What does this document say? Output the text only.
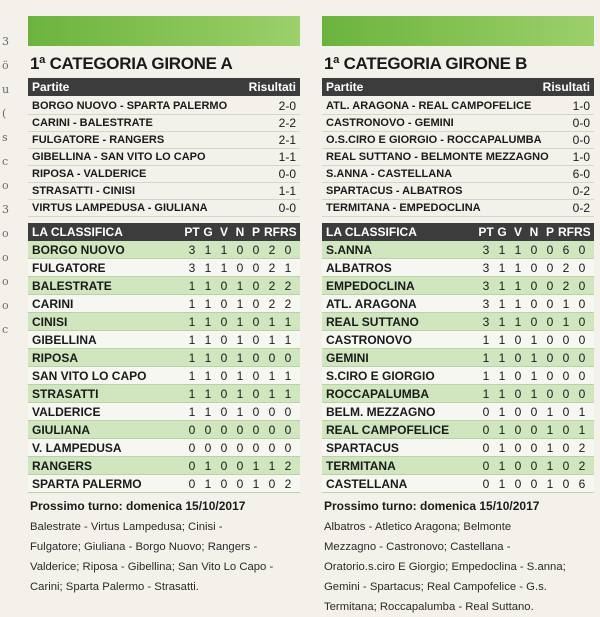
3
ö
u
(
s
c
o
3
o
o
o
o
c
1ª CATEGORIA GIRONE A
Partite	Risultati
BORGO NUOVO - SPARTA PALERMO	2-0
CARINI - BALESTRATE	2-2
FULGATORE - RANGERS	2-1
GIBELLINA - SAN VITO LO CAPO	1-1
RIPOSA - VALDERICE	0-0
STRASATTI - CINISI	1-1
VIRTUS LAMPEDUSA - GIULIANA	0-0
LA CLASSIFICA	PT G V N P RF RS
BORGO NUOVO	3 1 1 0 0 2 0
FULGATORE	3 1 1 0 0 2 1
BALESTRATE	1 1 0 1 0 2 2
CARINI	1 1 0 1 0 2 2
CINISI	1 1 0 1 0 1 1
GIBELLINA	1 1 0 1 0 1 1
RIPOSA	1 1 0 1 0 0 0
SAN VITO LO CAPO	1 1 0 1 0 1 1
STRASATTI	1 1 0 1 0 1 1
VALDERICE	1 1 0 1 0 0 0
GIULIANA	0 0 0 0 0 0 0
V. LAMPEDUSA	0 0 0 0 0 0 0
RANGERS	0 1 0 0 1 1 2
SPARTA PALERMO	0 1 0 0 1 0 2
Prossimo turno: domenica 15/10/2017
Balestrate - Virtus Lampedusa; Cinisi -
Fulgatore; Giuliana - Borgo Nuovo; Rangers -
Valderice; Riposa - Gibellina; San Vito Lo Capo -
Carini; Sparta Palermo - Strasatti.
1ª CATEGORIA GIRONE B
Partite	Risultati
ATL. ARAGONA - REAL CAMPOFELICE	1-0
CASTRONOVO - GEMINI	0-0
O.S.CIRO E GIORGIO - ROCCAPALUMBA	0-0
REAL SUTTANO - BELMONTE MEZZAGNO	1-0
S.ANNA - CASTELLANA	6-0
SPARTACUS - ALBATROS	0-2
TERMITANA - EMPEDOCLINA	0-2
LA CLASSIFICA	PT G V N P RF RS
S.ANNA	3 1 1 0 0 6 0
ALBATROS	3 1 1 0 0 2 0
EMPEDOCLINA	3 1 1 0 0 2 0
ATL. ARAGONA	3 1 1 0 0 1 0
REAL SUTTANO	3 1 1 0 0 1 0
CASTRONOVO	1 1 0 1 0 0 0
GEMINI	1 1 0 1 0 0 0
S.CIRO E GIORGIO	1 1 0 1 0 0 0
ROCCAPALUMBA	1 1 0 1 0 0 0
BELM. MEZZAGNO	0 1 0 0 1 0 1
REAL CAMPOFELICE	0 1 0 0 1 0 1
SPARTACUS	0 1 0 0 1 0 2
TERMITANA	0 1 0 0 1 0 2
CASTELLANA	0 1 0 0 1 0 6
Prossimo turno: domenica 15/10/2017
Albatros - Atletico Aragona; Belmonte
Mezzagno - Castronovo; Castellana -
Oratorio.s.ciro E Giorgio; Empedoclina - S.anna;
Gemini - Spartacus; Real Campofelice - G.s.
Termitana; Roccapalumba - Real Suttano.
